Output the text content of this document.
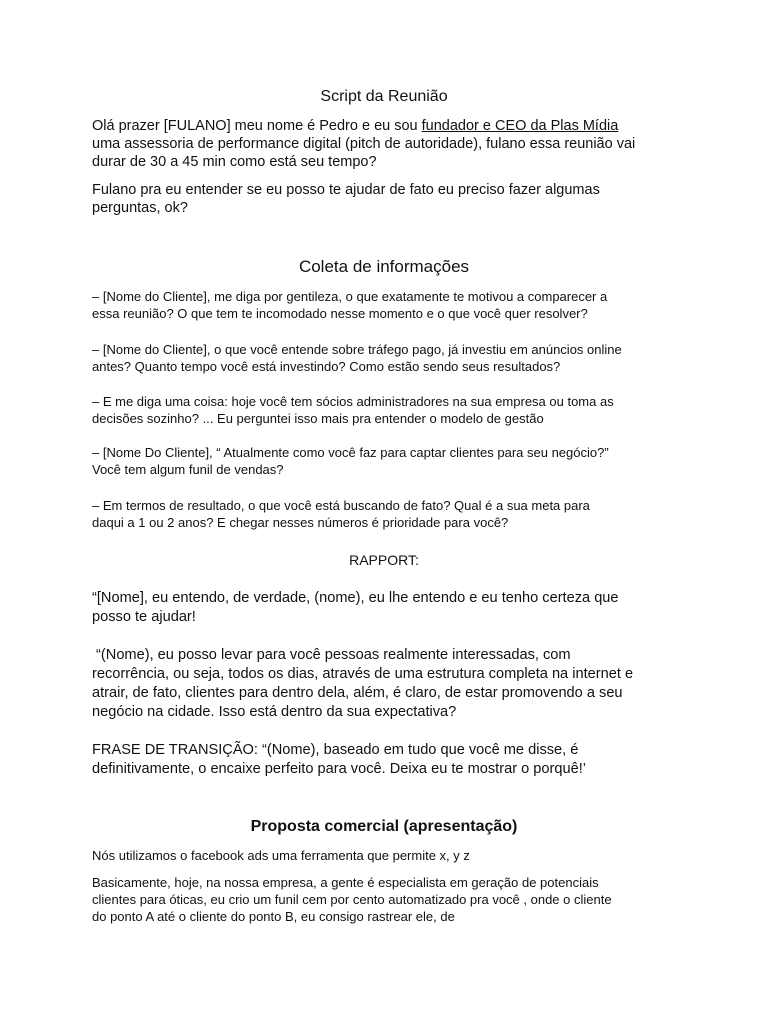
Script da Reunião
Olá prazer [FULANO] meu nome é Pedro e eu sou fundador e CEO da Plas Mídia
uma assessoria de performance digital (pitch de autoridade), fulano essa reunião vai
durar de 30 a 45 min como está seu tempo?
Fulano pra eu entender se eu posso te ajudar de fato eu preciso fazer algumas
perguntas, ok?
Coleta de informações
– [Nome do Cliente], me diga por gentileza, o que exatamente te motivou a comparecer a
essa reunião? O que tem te incomodado nesse momento e o que você quer resolver?
– [Nome do Cliente], o que você entende sobre tráfego pago, já investiu em anúncios online
antes? Quanto tempo você está investindo? Como estão sendo seus resultados?
– E me diga uma coisa: hoje você tem sócios administradores na sua empresa ou toma as
decisões sozinho? ... Eu perguntei isso mais pra entender o modelo de gestão
– [Nome Do Cliente], “ Atualmente como você faz para captar clientes para seu negócio?”
Você tem algum funil de vendas?
– Em termos de resultado, o que você está buscando de fato? Qual é a sua meta para
daqui a 1 ou 2 anos? E chegar nesses números é prioridade para você?
RAPPORT:
“[Nome], eu entendo, de verdade, (nome), eu lhe entendo e eu tenho certeza que
posso te ajudar!
“(Nome), eu posso levar para você pessoas realmente interessadas, com
recorrência, ou seja, todos os dias, através de uma estrutura completa na internet e
atrair, de fato, clientes para dentro dela, além, é claro, de estar promovendo a seu
negócio na cidade. Isso está dentro da sua expectativa?
FRASE DE TRANSIÇÃO: “(Nome), baseado em tudo que você me disse, é
definitivamente, o encaixe perfeito para você. Deixa eu te mostrar o porquê!’
Proposta comercial (apresentação)
Nós utilizamos o facebook ads uma ferramenta que permite x, y z
Basicamente, hoje, na nossa empresa, a gente é especialista em geração de potenciais
clientes para óticas, eu crio um funil cem por cento automatizado pra você , onde o cliente
do ponto A até o cliente do ponto B, eu consigo rastrear ele, de
